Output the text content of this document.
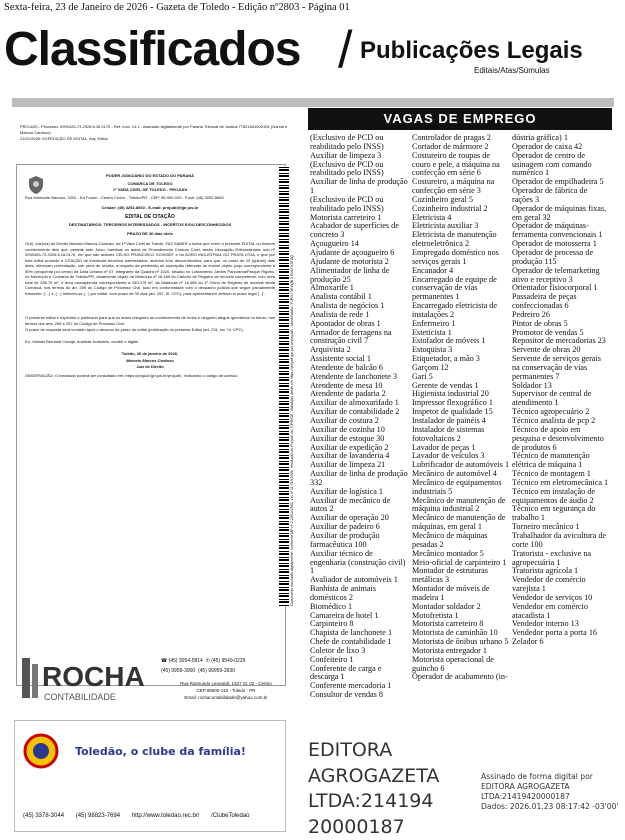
Sexta-feira, 23 de Janeiro de 2026 - Gazeta de Toledo - Edição nº2803 - Página 01
Classificados / Publicações Legais
Editais/Atas/Súmulas
PROJUDI - Processo: 0000425-73.2026.8.16.0170 - Ref. mov. 14.1 - Assinado digitalmente por Parana Tribunal de Justica:77821841000194 (Garcia e Marcos Cardoso)
21/01/2026: EXPEDIÇÃO DE EDITAL. Arq: Edital
PODER JUDICIÁRIO DO ESTADO DO PARANÁ
COMARCA DE TOLEDO
1ª VARA CÍVEL DE TOLEDO - PROJUDI
Rua Almirante Barroso, 3202 - Ed Fórum - Centro Cívico - Toledo/PR - CEP: 85.900-020 - Fone: (45) 3252-8660
Celular: (45) 3252-8660 - E-mail: projudi@tjpr.jus.br
EDITAL DE CITAÇÃO
DESTINATÁRIOS: TERCEIROS INTERESSADOS - INCERTOS E/OU DESCONHECIDOS
PRAZO DE 30 dias úteis
O(A) Juiz(íza) de Direito Marcelo Marcos Cardoso, da 1ª Vara Cível de Toledo, FAZ SABER a todos que virem o presente EDITAL ou tiverem conhecimento dele que, perante este Juízo, tramitam os autos de Procedimento Comum Cível, assim Usucapião Extraordinária, sob nº 0000425-73.2026.8.16.0170, em que são autores CELSO FRANCISCO SCHMIDT e ria AGRO INDUSTRIAL DO PRATA LTDA, e que por este edital procede à CITAÇÃO de eventuais terceiros interessados, incertos e/ou desconhecidos, para que, no prazo de 15 (quinze) dias úteis, ofereçam contestação, sob pena de revelia, a respeito da pretensão de usucapião referente ao imóvel objeto (cujo correspondente a 50% (cinquenta por cento) da Data Urbana nº 07, integrante da Quadra nº 1020, situado no Loteamento Jardim Panorama/Parque Rigotto, no Município e Comarca de Toledo/PR, atualmente objeto da Matrícula nº 16.485 do Cartório de Registro de Imóveis competente, com área total de 338,75 m², e área usucapienda correspondente a 169,375 m², da Matrícula nº 16.485 do 1º Ofício de Registro de Imóveis desta Comarca, nos termos do art. 259 do Código de Processo Civil, tudo em conformidade com o despacho judicial que segue parcialmente transcrito: ['...] 4. (...) Intimem-se (...) por edital, com prazo de 30 dias (art. 257, III, CPC), para apresentarem defesa no prazo legal [...]'.
O presente edital é expedido e publicado para que os autos cheguem ao conhecimento de todos e ninguém alegue ignorância no futuro, nos termos dos arts. 256 e 257 do Código de Processo Civil.
O prazo de resposta será contado após o decurso do prazo do edital (publicação do presente Edital (art. 231, inc. IV, CPC).
Eu, Gabriel Bernardi Cavaja, Analista Judiciário, conferi e digitei.
Toledo, 20 de janeiro de 2026.
Marcelo Marcos Cardoso
Juiz de Direito
OBSERVAÇÃO: O mandado poderá ser consultado em: https://projudi.tjpr.jus.br/projudi/ , indicando o código de acesso.	Documento assinado digitalmente, conforme MP nº 2.200-2/2001, Lei nº 11.419/2006, resolução do Projudi, do TJPR/OE. Validação deste em https://projudi.tjpr.jus.br/projudi/ - Identificador: PJRGJ 5RXQB 5TN9X K5T8Q
ROCHA
CONTABILIDADE
☎ (45) 3054-5814 ✆ (45) 9549-0229
(45) 9959-3900 (45) 99959-3930
Rua Raimundo Leonardi, 1327 Sl. 02 - Centro
CEP 85900-110 - Toledo - PR
Email: rochacontabilidade@yahoo.com.br
VAGAS DE EMPREGO
(Exclusivo de PCD ou reabilitado pelo INSS) Auxiliar de limpeza 3
(Exclusivo de PCD ou reabilitado pelo INSS) Auxiliar de linha de produção 1
(Exclusivo de PCD ou reabilitado pelo INSS) Motorista carreteiro 1
Acabador de superfícies de concreto 3
Açougueiro 14
Ajudante de açougueiro 6
Ajudante de motorista 2
Alimentador de linha de produção 25
Almoxarife 1
Analista contábil 1
Analista de negócios 1
Analista de rede 1
Apontador de obras 1
Armador de ferragens na construção civil 7
Arquivista 2
Assistente social 1
Atendente de balcão 6
Atendente de lanchonete 3
Atendente de mesa 10
Atendente de padaria 2
Auxiliar de almoxarifado 1
Auxiliar de contabilidade 2
Auxiliar de costura 2
Auxiliar de cozinha 10
Auxiliar de estoque 30
Auxiliar de expedição 2
Auxiliar de lavanderia 4
Auxiliar de limpeza 21
Auxiliar de linha de produção 332
Auxiliar de logística 1
Auxiliar de mecânico de autos 2
Auxiliar de operação 20
Auxiliar de padeiro 6
Auxiliar de produção farmacêutica 100
Auxiliar técnico de engenharia (construção civil) 1
Avaliador de automóveis 1
Banhista de animais domésticos 2
Biomédico 1
Camareira de hotel 1
Carpinteiro 8
Chapista de lanchonete 1
Chefe de contabilidade 1
Coletor de lixo 3
Confeiteiro 1
Conferente de carga e descarga 1
Conferente mercadoria 1
Consultor de vendas 8
Controlador de pragas 2
Cortador de mármore 2
Costureiro de roupas de couro e pele, a máquina na confecção em série 6
Costureiro, a máquina na confecção em série 3
Cozinheiro geral 5
Cozinheiro industrial 2
Eletricista 4
Eletricista auxiliar 3
Eletricista de manutenção eletroeletrônica 2
Empregado doméstico nos serviços gerais 1
Encanador 4
Encarregado de equipe de conservação de vias permanentes 1
Encarregado eletricista de instalações 2
Enfermeiro 1
Esteticista 1
Estofador de móveis 1
Estoquista 3
Etiquetador, a mão 3
Garçom 12
Gari 5
Gerente de vendas 1
Higienista industrial 20
Impressor flexográfico 1
Inspetor de qualidade 15
Instalador de painéis 4
Instalador de sistemas fotovoltaicos 2
Lavador de peças 1
Lavador de veículos 3
Lubrificador de automóveis 1
Mecânico de automóvel 4
Mecânico de equipamentos industriais 5
Mecânico de manutenção de máquina industrial 2
Mecânico de manutenção de máquinas, em geral 1
Mecânico de máquinas pesadas 2
Mecânico montador 5
Meio-oficial de carpinteiro 1
Montador de estruturas metálicas 3
Montador de móveis de madeira 1
Montador soldador 2
Motofretista 1
Motorista carreteiro 8
Motorista de caminhão 10
Motorista de ônibus urbano 5
Motorista entregador 1
Motorista operacional de guincho 6
Operador de acabamento (in-
dústria gráfica) 1
Operador de caixa 42
Operador de centro de usinagem com comando numérico 1
Operador de empilhadeira 5
Operador de fábrica de rações 3
Operador de máquinas fixas, em geral 32
Operador de máquinas-ferramenta convencionais 1
Operador de motosserra 1
Operador de processo de produção 115
Operador de telemarketing ativo e receptivo 3
Orientador fisiocorporal 1
Passadeira de peças confeccionadas 6
Pedreiro 26
Pintor de obras 5
Promotor de vendas 5
Repositor de mercadorias 23
Servente de obras 20
Servente de serviços gerais na conservação de vias permanentes 7
Soldador 13
Supervisor de central de atendimento 1
Técnico agropecuário 2
Técnico analista de pcp 2
Técnico de apoio em pesquisa e desenvolvimento de produtos 6
Técnico de manutenção elétrica de máquina 1
Técnico de montagem 1
Técnico em eletromecânica 1
Técnico em instalação de equipamentos de áudio 2
Técnico em segurança do trabalho 1
Torneiro mecânico 1
Trabalhador da avicultura de corte 100
Tratorista - exclusive na agropecuária 1
Tratorista agrícola 1
Vendedor de comércio varejista 1
Vendedor de serviços 10
Vendedor em comércio atacadista 1
Vendedor interno 13
Vendedor porta a porta 16
Zelador 6
Toledão, o clube da família!
(45) 3378-3044 (45) 98823-7694 http://www.toledao.rec.br/ /ClubeToledao
EDITORA
AGROGAZETA
LTDA:214194
20000187
Assinado de forma digital por
EDITORA AGROGAZETA
LTDA:21419420000187
Dados: 2026.01.23 08:17:42 -03'00'
